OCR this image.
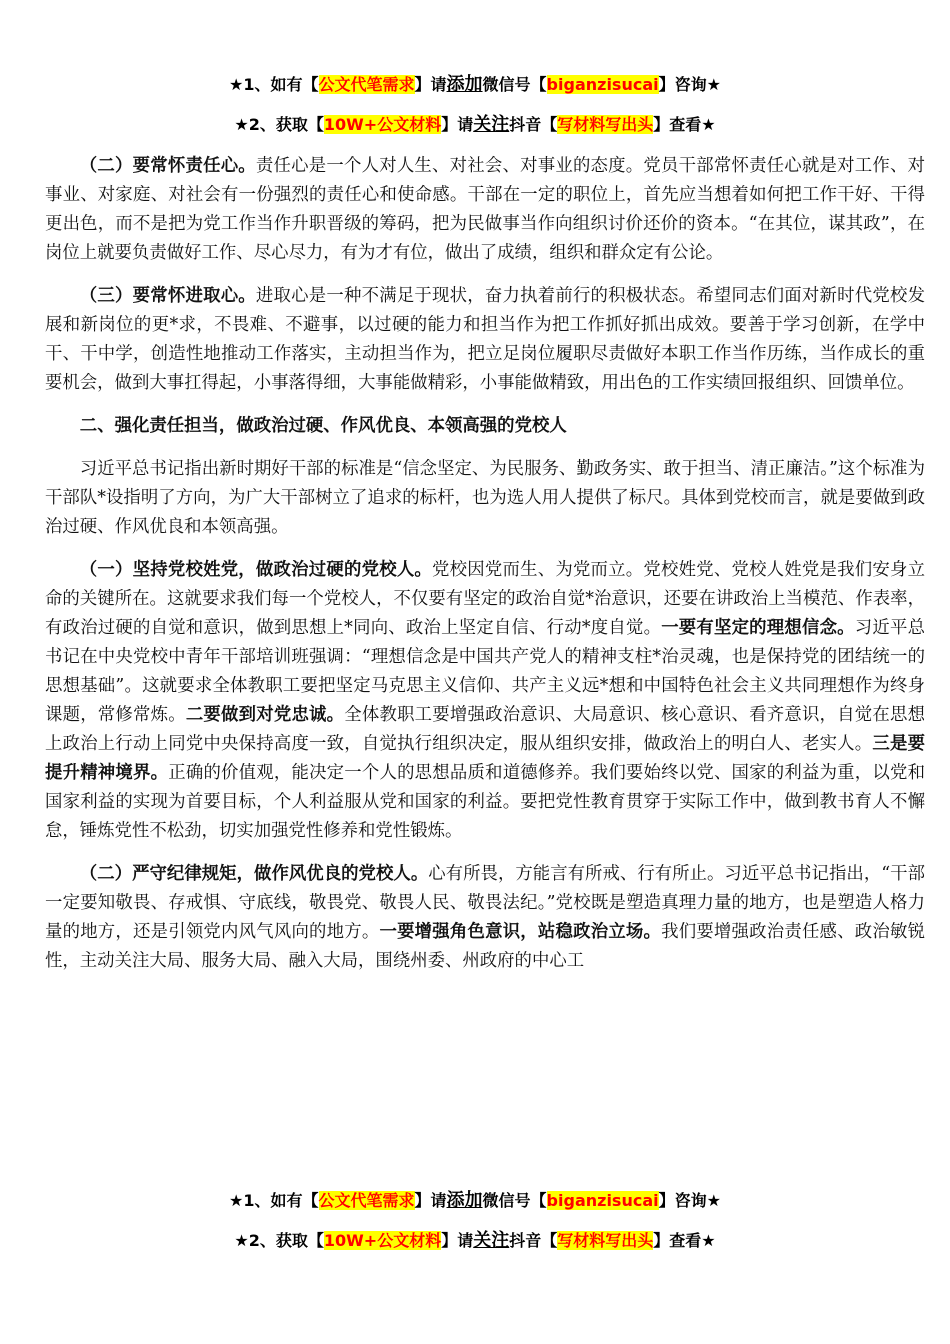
★1、如有【公文代笔需求】请添加微信号【biganzisucai】咨询★
★2、获取【10W+公文材料】请关注抖音【写材料写出头】查看★

（二）要常怀责任心。责任心是一个人对人生、对社会、对事业的态度。党员干部常怀责任心就是对工作、对事业、对家庭、对社会有一份强烈的责任心和使命感。干部在一定的职位上，首先应当想着如何把工作干好、干得更出色，而不是把为党工作当作升职晋级的筹码，把为民做事当作向组织讨价还价的资本。“在其位，谋其政”，在岗位上就要负责做好工作、尽心尽力，有为才有位，做出了成绩，组织和群众定有公论。

（三）要常怀进取心。进取心是一种不满足于现状，奋力执着前行的积极状态。希望同志们面对新时代党校发展和新岗位的更*求，不畏难、不避事，以过硬的能力和担当作为把工作抓好抓出成效。要善于学习创新，在学中干、干中学，创造性地推动工作落实，主动担当作为，把立足岗位履职尽责做好本职工作当作历练，当作成长的重要机会，做到大事扛得起，小事落得细，大事能做精彩，小事能做精致，用出色的工作实绩回报组织、回馈单位。

二、强化责任担当，做政治过硬、作风优良、本领高强的党校人

习近平总书记指出新时期好干部的标准是“信念坚定、为民服务、勤政务实、敢于担当、清正廉洁。”这个标准为干部队*设指明了方向，为广大干部树立了追求的标杆，也为选人用人提供了标尺。具体到党校而言，就是要做到政治过硬、作风优良和本领高强。

（一）坚持党校姓党，做政治过硬的党校人。党校因党而生、为党而立。党校姓党、党校人姓党是我们安身立命的关键所在。这就要求我们每一个党校人，不仅要有坚定的政治自觉*治意识，还要在讲政治上当模范、作表率，有政治过硬的自觉和意识，做到思想上*同向、政治上坚定自信、行动*度自觉。一要有坚定的理想信念。习近平总书记在中央党校中青年干部培训班强调：“理想信念是中国共产党人的精神支柱*治灵魂，也是保持党的团结统一的思想基础”。这就要求全体教职工要把坚定马克思主义信仰、共产主义远*想和中国特色社会主义共同理想作为终身课题，常修常炼。二要做到对党忠诚。全体教职工要增强政治意识、大局意识、核心意识、看齐意识，自觉在思想上政治上行动上同党中央保持高度一致，自觉执行组织决定，服从组织安排，做政治上的明白人、老实人。三是要提升精神境界。正确的价值观，能决定一个人的思想品质和道德修养。我们要始终以党、国家的利益为重，以党和国家利益的实现为首要目标，个人利益服从党和国家的利益。要把党性教育贯穿于实际工作中，做到教书育人不懈怠，锤炼党性不松劲，切实加强党性修养和党性锻炼。

（二）严守纪律规矩，做作风优良的党校人。心有所畏，方能言有所戒、行有所止。习近平总书记指出，“干部一定要知敬畏、存戒惧、守底线，敬畏党、敬畏人民、敬畏法纪。”党校既是塑造真理力量的地方，也是塑造人格力量的地方，还是引领党内风气风向的地方。一要增强角色意识，站稳政治立场。我们要增强政治责任感、政治敏锐性，主动关注大局、服务大局、融入大局，围绕州委、州政府的中心工

★1、如有【公文代笔需求】请添加微信号【biganzisucai】咨询★
★2、获取【10W+公文材料】请关注抖音【写材料写出头】查看★
